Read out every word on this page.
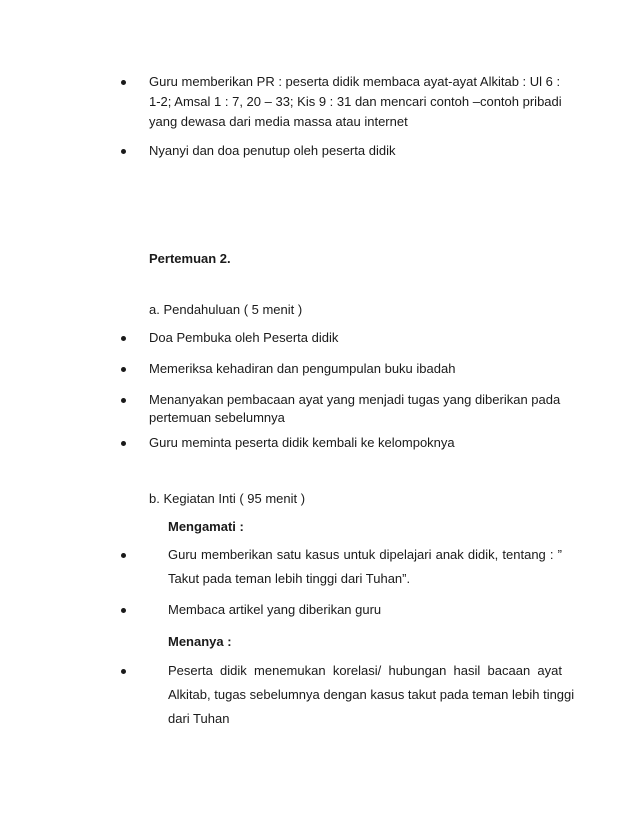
Guru memberikan PR : peserta didik membaca ayat-ayat Alkitab : Ul 6 :
1-2; Amsal 1 : 7, 20 – 33; Kis 9 : 31 dan mencari contoh –contoh pribadi
yang dewasa dari media massa atau internet
Nyanyi dan doa penutup oleh peserta didik
Pertemuan 2.
a. Pendahuluan ( 5 menit )
Doa Pembuka oleh Peserta didik
Memeriksa kehadiran dan pengumpulan buku ibadah
Menanyakan pembacaan ayat yang menjadi tugas yang diberikan pada
pertemuan sebelumnya
Guru meminta peserta didik kembali ke kelompoknya
b. Kegiatan Inti ( 95 menit )
Mengamati :
Guru memberikan satu kasus untuk dipelajari anak didik, tentang : ”
Takut pada teman lebih tinggi dari Tuhan”.
Membaca artikel yang diberikan guru
Menanya :
Peserta didik menemukan korelasi/ hubungan hasil bacaan ayat
Alkitab, tugas sebelumnya dengan kasus takut pada teman lebih tinggi
dari Tuhan
